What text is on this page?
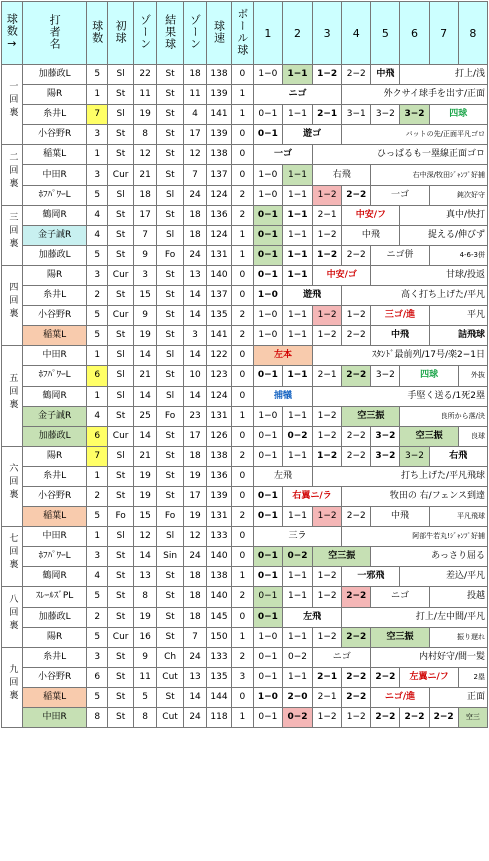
球数→	打者名	球数	初球	ゾーン	結果球	ゾーン	球速	ボール球	1	2	3	4	5	6	7	8
一回裏	加藤政L	5	Sl	22	St	18	138	0	1−0	1−1	1−2	2−2	中飛	打上/浅		

	陽R	1	St	11	St	11	139	1	ニゴ			外クサイ球手を出す/正面				

	糸井L	7	Sl	19	St	4	141	1	0−1	1−1	2−1	3−1	3−2	3−2	四球	

	小谷野R	3	St	8	St	17	139	0	0−1	遊ゴ		バットの先/正面平凡ゴロ				

二回裏	稲葉L	1	St	12	St	12	138	0	一ゴ		ひっぱるも一塁線正面ゴロ					

	中田R	3	Cur	21	St	7	137	0	1−0	1−1	右飛		右中深/牧田ｼﾞｬﾝﾌﾟ好捕			

	ﾎﾌﾊﾟﾜｰL	5	Sl	18	Sl	24	124	2	1−0	1−1	1−2	2−2	一ゴ		鈍次好守	

三回裏	鶴岡R	4	St	17	St	18	136	2	0−1	1−1	2−1	中安/フ		真中/快打		

	金子誠R	4	St	7	Sl	18	124	1	0−1	1−1	1−2	中飛		捉える/伸びず		

	加藤政L	5	St	9	Fo	24	131	1	0−1	1−1	1−2	2−2	ニゴ併		4-6-3併	

四回裏	陽R	3	Cur	3	St	13	140	0	0−1	1−1	中安/ゴ		甘球/投返			

	糸井L	2	St	15	St	14	137	0	1−0	遊飛		高く打ち上げた/平凡				

	小谷野R	5	Cur	9	St	14	135	2	1−0	1−1	1−2	1−2	三ゴ/進		平凡	

	稲葉L	5	St	19	St	3	141	2	1−0	1−1	1−2	2−2	中飛		詰飛球	

五回裏	中田R	1	Sl	14	Sl	14	122	0	左本		ｽﾀﾝﾄﾞ最前列/17号/楽2−1日					

	ﾎﾌﾊﾟﾜｰL	6	Sl	21	St	10	123	0	0−1	1−1	2−1	2−2	3−2	四球		外抜

	鶴岡R	1	Sl	14	Sl	14	124	0	捕犠		手堅く送る/1死2塁					

	金子誠R	4	St	25	Fo	23	131	1	1−0	1−1	1−2	空三振		良所から落/決		

	加藤政L	6	Cur	14	St	17	126	0	0−1	0−2	1−2	2−2	3−2	空三振		良球

六回裏	陽R	7	Sl	21	St	18	138	2	0−1	1−1	1−2	2−2	3−2	3−2	右飛	

	糸井L	1	St	19	St	19	136	0	左飛		打ち上げた/平凡飛球					

	小谷野R	2	St	19	St	17	139	0	0−1	右翼ニ/ラ		牧田の 右/フェンス到達				

	稲葉L	5	Fo	15	Fo	19	131	2	0−1	1−1	1−2	2−2	中飛		平凡飛球	

七回裏	中田R	1	Sl	12	Sl	12	133	0	三ラ			阿部牛若丸!ｼﾞｬﾝﾌﾟ好捕				

	ﾎﾌﾊﾟﾜｰL	3	St	14	Sin	24	140	0	0−1	0−2	空三振		あっさり屈る			

	鶴岡R	4	St	13	St	18	138	1	0−1	1−1	1−2	一邪飛		差込/平凡		

八回裏	ｽﾚｰﾙｽﾞPL	5	St	8	St	18	140	2	0−1	1−1	1−2	2−2	ニゴ		投越	

	加藤政L	2	St	19	St	18	145	0	0−1	左飛		打上/左中間/平凡				

	陽R	5	Cur	16	St	7	150	1	1−0	1−1	1−2	2−2	空三振		振り遅れ	

九回裏	糸井L	3	St	9	Ch	24	133	2	0−1	0−2	ニゴ		内村好守/間一髪			

	小谷野R	6	St	11	Cut	13	135	3	0−1	1−1	2−1	2−2	2−2	左翼ニ/フ		2塁

	稲葉L	5	St	5	St	14	144	0	1−0	2−0	2−1	2−2	ニゴ/進		正面	

	中田R	8	St	8	Cut	24	118	1	0−1	0−2	1−2	1−2	2−2	2−2	2−2	空三
